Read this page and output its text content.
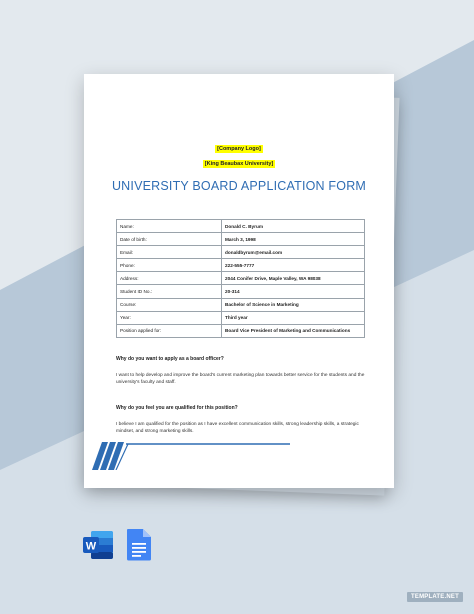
[Company Logo]
[King Beaubax University]
UNIVERSITY BOARD APPLICATION FORM
Name:	Donald C. Byrum
Date of birth:	March 3, 1998
Email:	donaldbyrum@email.com
Phone:	222-555-7777
Address:	2044 Conifer Drive, Maple Valley, WA 98038
Student ID No.:	20-314
Course:	Bachelor of Science in Marketing
Year:	Third year
Position applied for:	Board Vice President of Marketing and Communications
Why do you want to apply as a board officer?
I want to help develop and improve the board's current marketing plan towards better service for the students and the university's faculty and staff.
Why do you feel you are qualified for this position?
I believe I am qualified for the position as I have excellent communication skills, strong leadership skills, a strategic mindset, and strong marketing skills.
W
TEMPLATE.NET
